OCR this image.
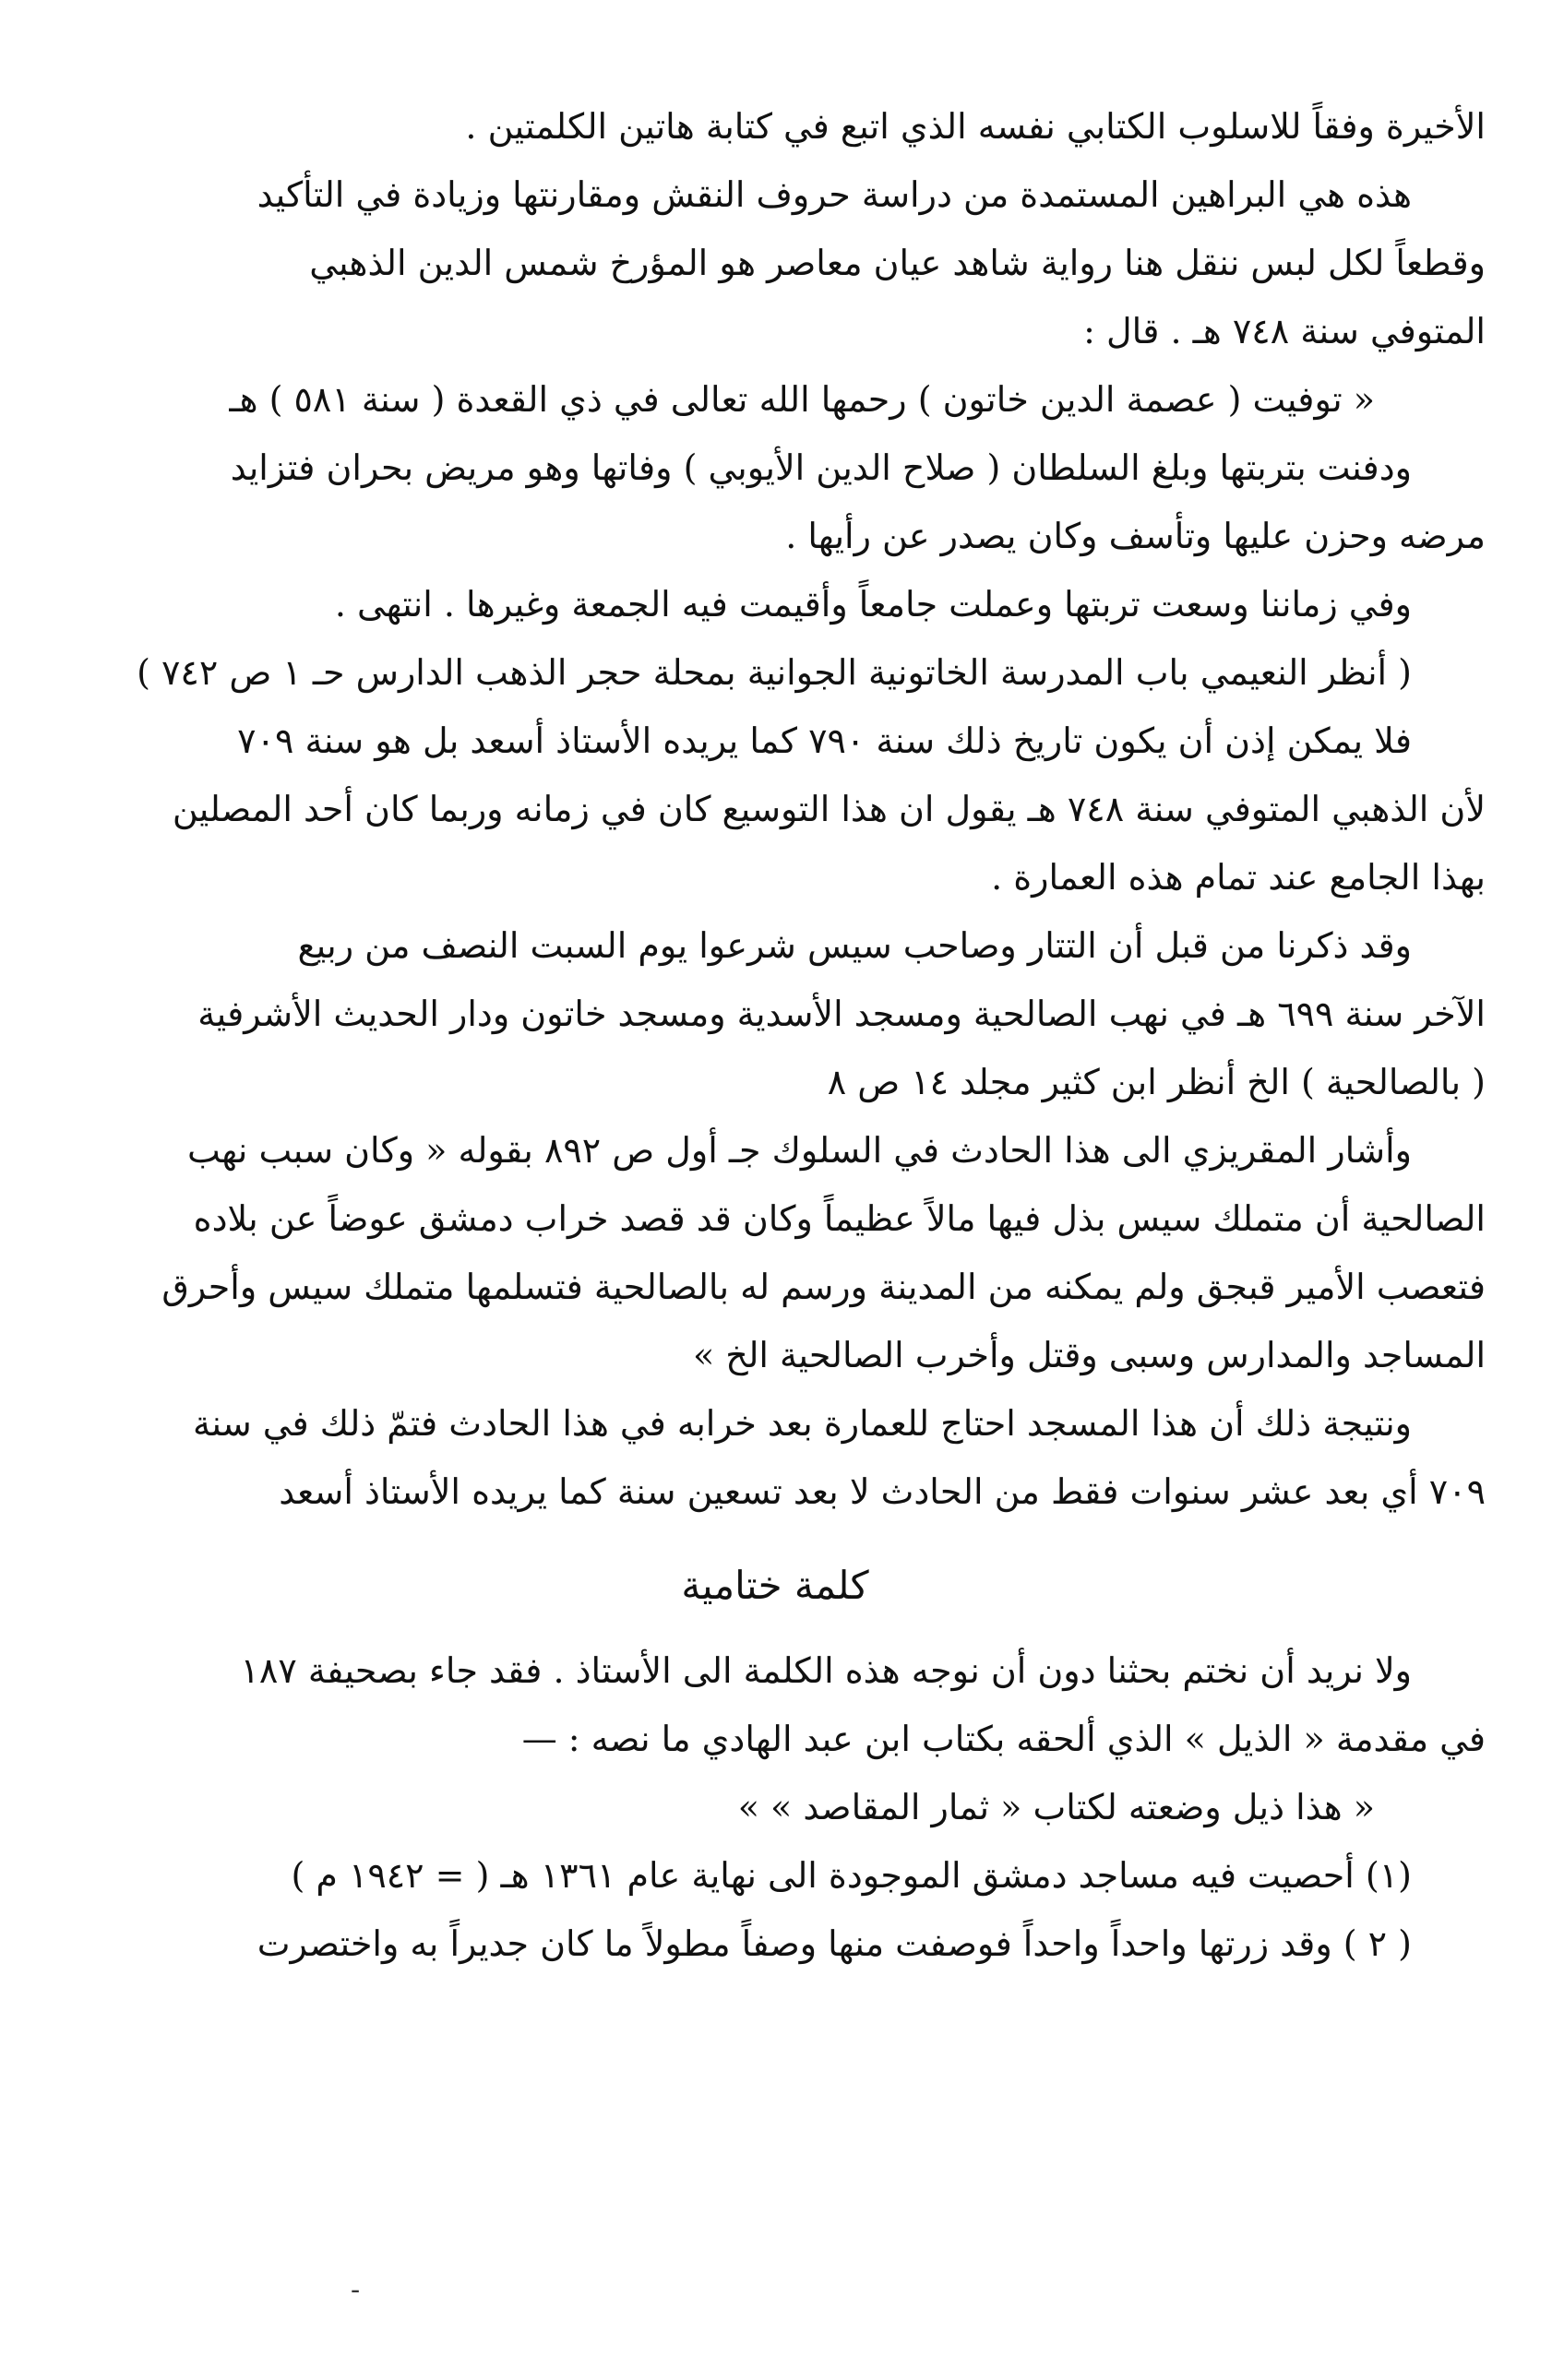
الأخيرة وفقاً للاسلوب الكتابي نفسه الذي اتبع في كتابة هاتين الكلمتين .
هذه هي البراهين المستمدة من دراسة حروف النقش ومقارنتها وزيادة في التأكيد
وقطعاً لكل لبس ننقل هنا رواية شاهد عيان معاصر هو المؤرخ شمس الدين الذهبي
المتوفي سنة ٧٤٨ هـ . قال :
« توفيت ( عصمة الدين خاتون ) رحمها الله تعالى في ذي القعدة ( سنة ٥٨١ ) هـ
ودفنت بتربتها وبلغ السلطان ( صلاح الدين الأيوبي ) وفاتها وهو مريض بحران فتزايد
مرضه وحزن عليها وتأسف وكان يصدر عن رأيها .
وفي زماننا وسعت تربتها وعملت جامعاً وأقيمت فيه الجمعة وغيرها . انتهى .
( أنظر النعيمي باب المدرسة الخاتونية الجوانية بمحلة حجر الذهب الدارس حـ ١ ص ٧٤٢ )
فلا يمكن إذن أن يكون تاريخ ذلك سنة ٧٩٠ كما يريده الأستاذ أسعد بل هو سنة ٧٠٩
لأن الذهبي المتوفي سنة ٧٤٨ هـ يقول ان هذا التوسيع كان في زمانه وربما كان أحد المصلين
بهذا الجامع عند تمام هذه العمارة .
وقد ذكرنا من قبل أن التتار وصاحب سيس شرعوا يوم السبت النصف من ربيع
الآخر سنة ٦٩٩ هـ في نهب الصالحية ومسجد الأسدية ومسجد خاتون ودار الحديث الأشرفية
( بالصالحية ) الخ أنظر ابن كثير مجلد ١٤ ص ٨
وأشار المقريزي الى هذا الحادث في السلوك جـ أول ص ٨٩٢ بقوله « وكان سبب نهب
الصالحية أن متملك سيس بذل فيها مالاً عظيماً وكان قد قصد خراب دمشق عوضاً عن بلاده
فتعصب الأمير قبجق ولم يمكنه من المدينة ورسم له بالصالحية فتسلمها متملك سيس وأحرق
المساجد والمدارس وسبى وقتل وأخرب الصالحية الخ »
ونتيجة ذلك أن هذا المسجد احتاج للعمارة بعد خرابه في هذا الحادث فتمّ ذلك في سنة
٧٠٩ أي بعد عشر سنوات فقط من الحادث لا بعد تسعين سنة كما يريده الأستاذ أسعد
كلمة ختامية
ولا نريد أن نختم بحثنا دون أن نوجه هذه الكلمة الى الأستاذ . فقد جاء بصحيفة ١٨٧
في مقدمة « الذيل » الذي ألحقه بكتاب ابن عبد الهادي ما نصه : —
« هذا ذيل وضعته لكتاب « ثمار المقاصد » »
(١) أحصيت فيه مساجد دمشق الموجودة الى نهاية عام ١٣٦١ هـ ( = ١٩٤٢ م )
( ٢ ) وقد زرتها واحداً واحداً فوصفت منها وصفاً مطولاً ما كان جديراً به واختصرت
-
